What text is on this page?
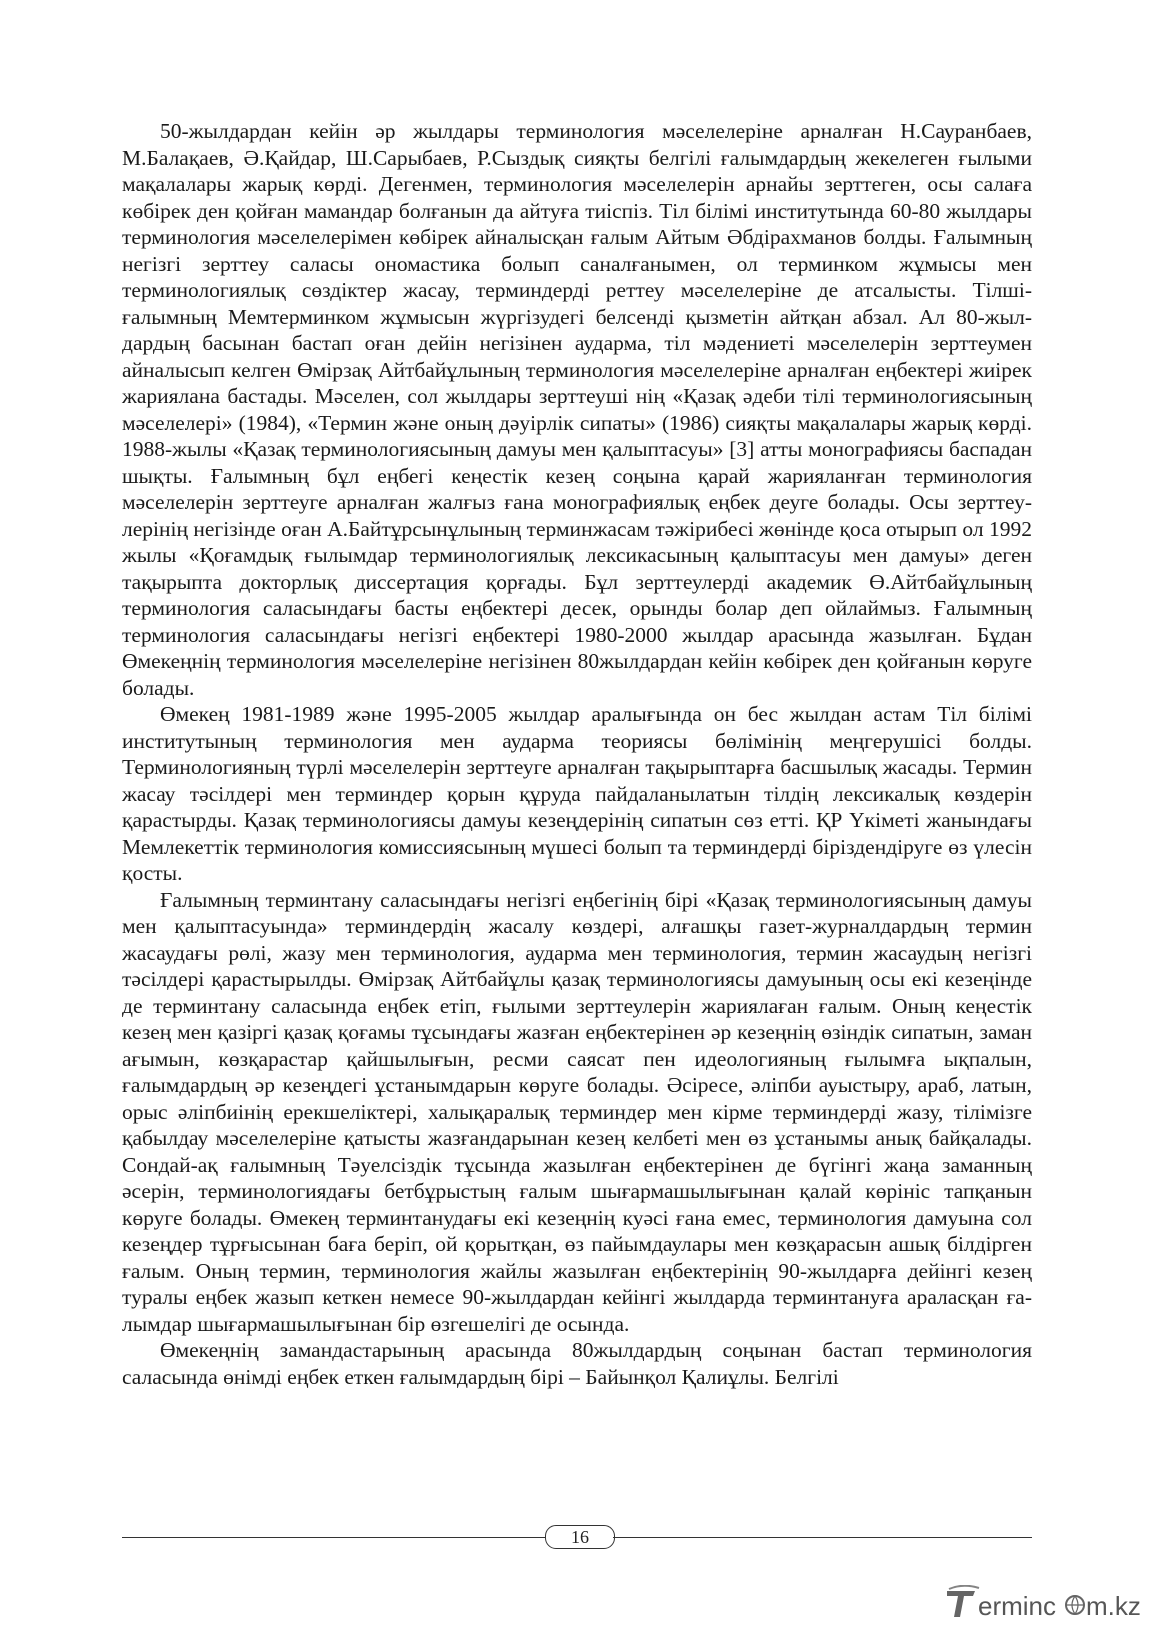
50-жылдардан кейін әр жылдары терминология мәселелеріне арналған Н.Сауранбаев, М.Балақаев, Ә.Қайдар, Ш.Сарыбаев, Р.Сыздық сияқты белгілі ғалымдардың жекелеген ғылыми мақалалары жарық көрді. Дегенмен, терминология мәселелерін арнайы зерттеген, осы салаға көбірек ден қойған мамандар болғанын да айтуға тиіспіз. Тіл білімі институтында 60-80 жылдары терминология мәселелерімен көбірек айналысқан ғалым Айтым Әбдірахманов болды. Ғалымның негізгі зерттеу саласы ономастика болып саналғанымен, ол терминком жұмысы мен терминологиялық сөздіктер жасау, терминдерді реттеу мәселелеріне де атсалысты. Тілші-ғалымның Мемтерминком жұмысын жүргізудегі белсенді қызметін айтқан абзал. Ал 80-жылдардың басынан бастап оған дейін негізінен аударма, тіл мәдениеті мәселелерін зерттеумен айналысып келген Өмірзақ Айтбайұлының терминология мәселелеріне арналған еңбектері жиірек жариялана бастады. Мәселен, сол жылдары зерттеуші нің «Қазақ әдеби тілі терминологиясының мәселелері» (1984), «Термин және оның дәуірлік сипаты» (1986) сияқты мақалалары жарық көрді. 1988-жылы «Қазақ терминологиясының дамуы мен қалыптасуы» [3] атты монографиясы баспадан шықты. Ғалымның бұл еңбегі кеңестік кезең соңына қарай жарияланған терминология мәселелерін зерттеуге арналған жалғыз ғана монографиялық еңбек деуге болады. Осы зерттеулерінің негізінде оған А.Байтұрсынұлының терминжасам тәжірибесі жөнінде қоса отырып ол 1992 жылы «Қоғамдық ғылымдар терминологиялық лексикасының қалыптасуы мен дамуы» деген тақырыпта докторлық диссертация қорғады. Бұл зерттеулерді академик Ө.Айтбайұлының терминология саласындағы басты еңбектері десек, орынды болар деп ойлаймыз. Ғалымның терминология саласындағы негізгі еңбектері 1980-2000 жылдар арасында жазылған. Бұдан Өмекеңнің терминология мәселелеріне негізінен 80жылдардан кейін көбірек ден қойғанын көруге болады.

Өмекең 1981-1989 және 1995-2005 жылдар аралығында он бес жылдан астам Тіл білімі институтының терминология мен аударма теориясы бөлімінің меңгерушісі болды. Терминологияның түрлі мәселелерін зерттеуге арналған тақырыптарға басшылық жасады. Термин жасау тәсілдері мен терминдер қорын құруда пайдаланылатын тілдің лексикалық көздерін қарастырды. Қазақ терминологиясы дамуы кезеңдерінің сипатын сөз етті. ҚР Үкіметі жанындағы Мемлекеттік терминология комиссиясының мүшесі болып та терминдерді біріздендіруге өз үлесін қосты.

Ғалымның терминтану саласындағы негізгі еңбегінің бірі «Қазақ терминологиясының дамуы мен қалыптасуында» терминдердің жасалу көздері, алғашқы газет-журналдардың термин жасаудағы рөлі, жазу мен терминология, аударма мен терминология, термин жасаудың негізгі тәсілдері қарастырылды. Өмірзақ Айтбайұлы қазақ терминологиясы дамуының осы екі кезеңінде де терминтану саласында еңбек етіп, ғылыми зерттеулерін жариялаған ғалым. Оның кеңестік кезең мен қазіргі қазақ қоғамы тұсындағы жазған еңбектерінен әр кезеңнің өзіндік сипатын, заман ағымын, көзқарастар қайшылығын, ресми саясат пен идеологияның ғылымға ықпалын, ғалымдардың әр кезеңдегі ұстанымдарын көруге болады. Әсіресе, әліпби ауыстыру, араб, латын, орыс әліпбиінің ерекшеліктері, халықаралық терминдер мен кірме терминдерді жазу, тілімізге қабылдау мәселелеріне қатысты жазғандарынан кезең келбеті мен өз ұстанымы анық байқалады. Сондай-ақ ғалымның Тәуелсіздік тұсында жазылған еңбектерінен де бүгінгі жаңа заманның әсерін, терминологиядағы бетбұрыстың ғалым шығармашылығынан қалай көрініс тапқанын көруге болады. Өмекең терминтанудағы екі кезеңнің куәсі ғана емес, терминология дамуына сол кезеңдер тұрғысынан баға беріп, ой қорытқан, өз пайымдаулары мен көзқарасын ашық білдірген ғалым. Оның термин, терминология жайлы жазылған еңбектерінің 90-жылдарға дейінгі кезең туралы еңбек жазып кеткен немесе 90-жылдардан кейінгі жылдарда терминтануға араласқан ғалымдар шығармашылығынан бір өзгешелігі де осында.

Өмекеңнің замандастарының арасында 80жылдардың соңынан бастап терминология саласында өнімді еңбек еткен ғалымдардың бірі – Байынқол Қалиұлы. Белгілі

16
erminc m.kz
